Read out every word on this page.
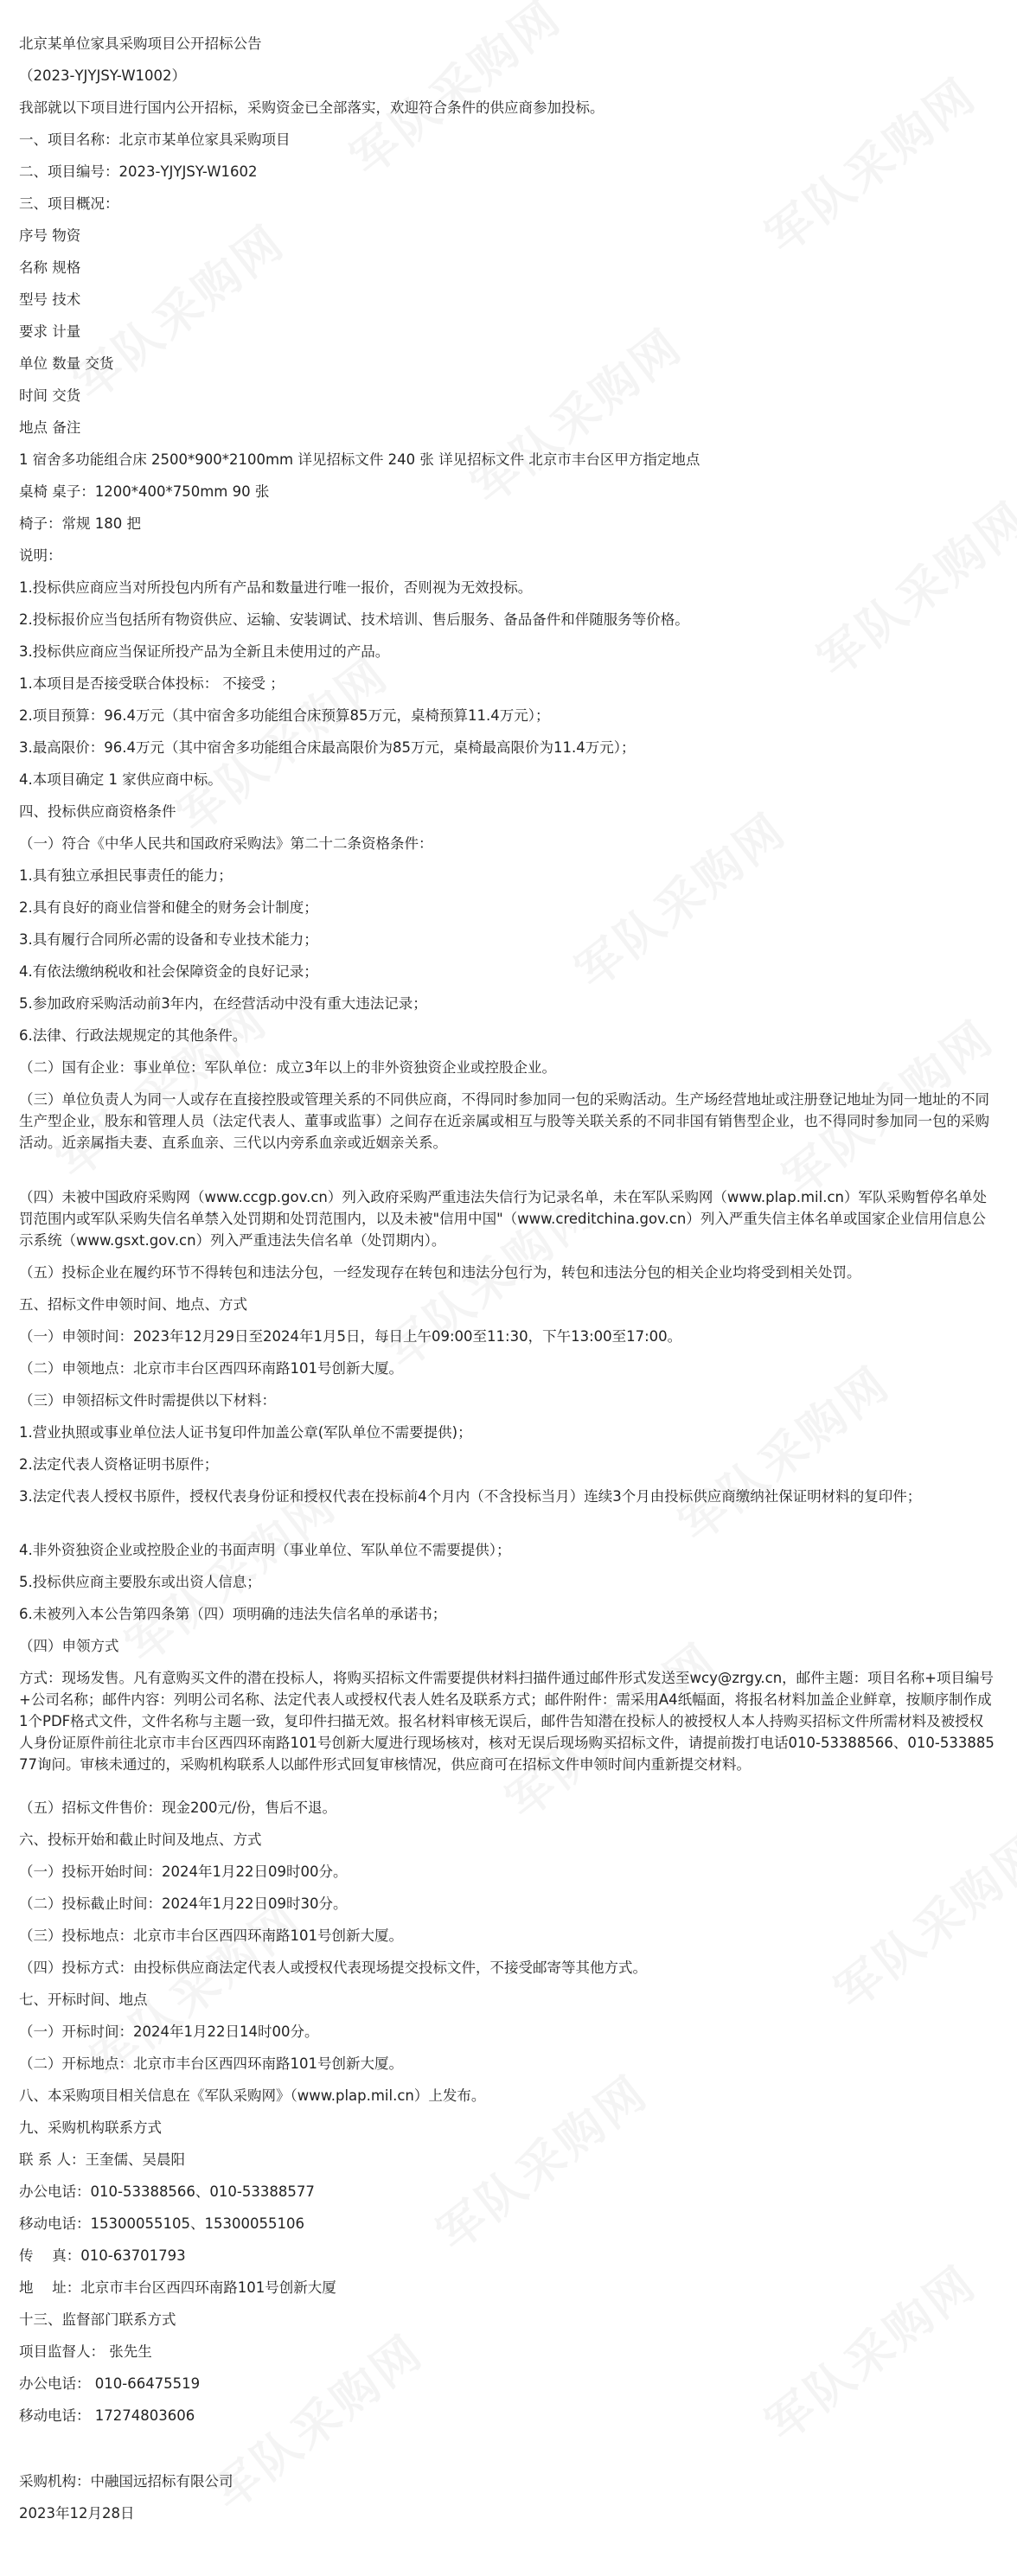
北京某单位家具采购项目公开招标公告
（2023-YJYJSY-W1002）
我部就以下项目进行国内公开招标，采购资金已全部落实，欢迎符合条件的供应商参加投标。
一、项目名称：北京市某单位家具采购项目
二、项目编号：2023-YJYJSY-W1602
三、项目概况：
序号 物资
名称 规格
型号 技术
要求 计量
单位 数量 交货
时间 交货
地点 备注
1 宿舍多功能组合床 2500*900*2100mm 详见招标文件 240 张 详见招标文件 北京市丰台区甲方指定地点
桌椅 桌子：1200*400*750mm 90 张
椅子：常规 180 把
说明：
1.投标供应商应当对所投包内所有产品和数量进行唯一报价，否则视为无效投标。
2.投标报价应当包括所有物资供应、运输、安装调试、技术培训、售后服务、备品备件和伴随服务等价格。
3.投标供应商应当保证所投产品为全新且未使用过的产品。
1.本项目是否接受联合体投标： 不接受 ；
2.项目预算：96.4万元（其中宿舍多功能组合床预算85万元，桌椅预算11.4万元）；
3.最高限价：96.4万元（其中宿舍多功能组合床最高限价为85万元，桌椅最高限价为11.4万元）；
4.本项目确定 1 家供应商中标。
四、投标供应商资格条件
（一）符合《中华人民共和国政府采购法》第二十二条资格条件：
1.具有独立承担民事责任的能力；
2.具有良好的商业信誉和健全的财务会计制度；
3.具有履行合同所必需的设备和专业技术能力；
4.有依法缴纳税收和社会保障资金的良好记录；
5.参加政府采购活动前3年内，在经营活动中没有重大违法记录；
6.法律、行政法规规定的其他条件。
（二）国有企业：事业单位：军队单位：成立3年以上的非外资独资企业或控股企业。
（三）单位负责人为同一人或存在直接控股或管理关系的不同供应商，不得同时参加同一包的采购活动。生产场经营地址或注册登记地址为同一地址的不同生产型企业，股东和管理人员（法定代表人、董事或监事）之间存在近亲属或相互与股等关联关系的不同非国有销售型企业，也不得同时参加同一包的采购活动。近亲属指夫妻、直系血亲、三代以内旁系血亲或近姻亲关系。
（四）未被中国政府采购网（www.ccgp.gov.cn）列入政府采购严重违法失信行为记录名单，未在军队采购网（www.plap.mil.cn）军队采购暂停名单处罚范围内或军队采购失信名单禁入处罚期和处罚范围内，以及未被"信用中国"（www.creditchina.gov.cn）列入严重失信主体名单或国家企业信用信息公示系统（www.gsxt.gov.cn）列入严重违法失信名单（处罚期内）。
（五）投标企业在履约环节不得转包和违法分包，一经发现存在转包和违法分包行为，转包和违法分包的相关企业均将受到相关处罚。
五、招标文件申领时间、地点、方式
（一）申领时间：2023年12月29日至2024年1月5日，每日上午09:00至11:30，下午13:00至17:00。
（二）申领地点：北京市丰台区西四环南路101号创新大厦。
（三）申领招标文件时需提供以下材料：
1.营业执照或事业单位法人证书复印件加盖公章(军队单位不需要提供)；
2.法定代表人资格证明书原件；
3.法定代表人授权书原件，授权代表身份证和授权代表在投标前4个月内（不含投标当月）连续3个月由投标供应商缴纳社保证明材料的复印件；
4.非外资独资企业或控股企业的书面声明（事业单位、军队单位不需要提供）；
5.投标供应商主要股东或出资人信息；
6.未被列入本公告第四条第（四）项明确的违法失信名单的承诺书；
（四）申领方式
方式：现场发售。凡有意购买文件的潜在投标人，将购买招标文件需要提供材料扫描件通过邮件形式发送至wcy@zrgy.cn，邮件主题：项目名称+项目编号+公司名称；邮件内容：列明公司名称、法定代表人或授权代表人姓名及联系方式；邮件附件：需采用A4纸幅面，将报名材料加盖企业鲜章，按顺序制作成1个PDF格式文件，文件名称与主题一致，复印件扫描无效。报名材料审核无误后，邮件告知潜在投标人的被授权人本人持购买招标文件所需材料及被授权人身份证原件前往北京市丰台区西四环南路101号创新大厦进行现场核对，核对无误后现场购买招标文件，请提前拨打电话010-53388566、010-53388577询问。审核未通过的，采购机构联系人以邮件形式回复审核情况，供应商可在招标文件申领时间内重新提交材料。
（五）招标文件售价：现金200元/份，售后不退。
六、投标开始和截止时间及地点、方式
（一）投标开始时间：2024年1月22日09时00分。
（二）投标截止时间：2024年1月22日09时30分。
（三）投标地点：北京市丰台区西四环南路101号创新大厦。
（四）投标方式：由投标供应商法定代表人或授权代表现场提交投标文件，不接受邮寄等其他方式。
七、开标时间、地点
（一）开标时间：2024年1月22日14时00分。
（二）开标地点：北京市丰台区西四环南路101号创新大厦。
八、本采购项目相关信息在《军队采购网》（www.plap.mil.cn）上发布。
九、采购机构联系方式
联 系 人：王奎儒、吴晨阳
办公电话：010-53388566、010-53388577
移动电话：15300055105、15300055106
传　 真：010-63701793
地　 址：北京市丰台区西四环南路101号创新大厦
十三、监督部门联系方式
项目监督人： 张先生
办公电话： 010-66475519
移动电话： 17274803606
采购机构：中融国远招标有限公司
2023年12月28日
